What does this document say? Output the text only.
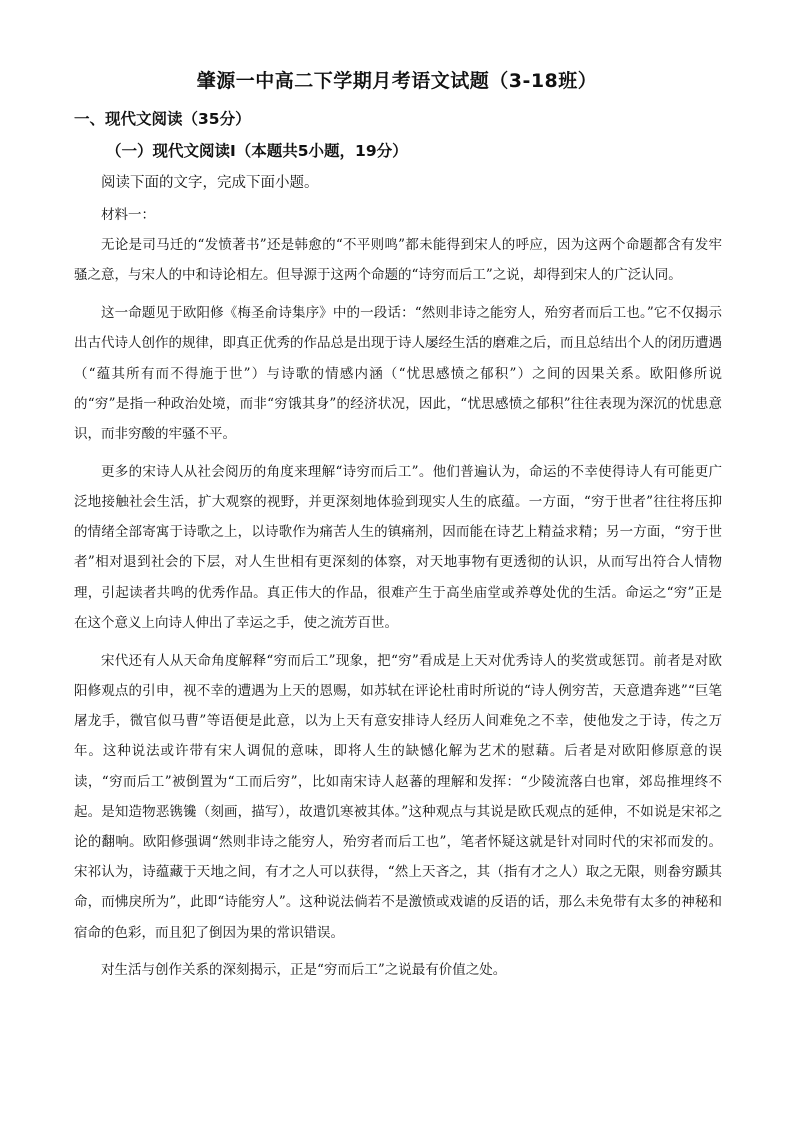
肇源一中高二下学期月考语文试题（3-18班）
一、现代文阅读（35分）
（一）现代文阅读Ⅰ（本题共5小题，19分）

阅读下面的文字，完成下面小题。

材料一：

无论是司马迁的“发愤著书”还是韩愈的“不平则鸣”都未能得到宋人的呼应，因为这两个命题都含有发牢骚之意，与宋人的中和诗论相左。但导源于这两个命题的“诗穷而后工”之说，却得到宋人的广泛认同。

这一命题见于欧阳修《梅圣俞诗集序》中的一段话：“然则非诗之能穷人，殆穷者而后工也。”它不仅揭示出古代诗人创作的规律，即真正优秀的作品总是出现于诗人屡经生活的磨难之后，而且总结出个人的闭历遭遇（“蕴其所有而不得施于世”）与诗歌的情感内涵（“忧思感愤之郁积”）之间的因果关系。欧阳修所说的“穷”是指一种政治处境，而非“穷饿其身”的经济状况，因此，“忧思感愤之郁积”往往表现为深沉的忧患意识，而非穷酸的牢骚不平。

更多的宋诗人从社会阅历的角度来理解“诗穷而后工”。他们普遍认为，命运的不幸使得诗人有可能更广泛地接触社会生活，扩大观察的视野，并更深刻地体验到现实人生的底蕴。一方面，“穷于世者”往往将压抑的情绪全部寄寓于诗歌之上，以诗歌作为痛苦人生的镇痛剂，因而能在诗艺上精益求精；另一方面，“穷于世者”相对退到社会的下层，对人生世相有更深刻的体察，对天地事物有更透彻的认识，从而写出符合人情物理，引起读者共鸣的优秀作品。真正伟大的作品，很难产生于高坐庙堂或养尊处优的生活。命运之“穷”正是在这个意义上向诗人伸出了幸运之手，使之流芳百世。

宋代还有人从天命角度解释“穷而后工”现象，把“穷”看成是上天对优秀诗人的奖赏或惩罚。前者是对欧阳修观点的引申，视不幸的遭遇为上天的恩赐，如苏轼在评论杜甫时所说的“诗人例穷苦，天意遣奔逃”“巨笔屠龙手，微官似马曹”等语便是此意，以为上天有意安排诗人经历人间难免之不幸，使他发之于诗，传之万年。这种说法或许带有宋人调侃的意味，即将人生的缺憾化解为艺术的慰藉。后者是对欧阳修原意的误读，“穷而后工”被倒置为“工而后穷”，比如南宋诗人赵蕃的理解和发挥：“少陵流落白也窜，郊岛推埋终不起。是知造物恶镌镵（刻画，描写），故遣饥寒被其体。”这种观点与其说是欧氏观点的延伸，不如说是宋祁之论的翻响。欧阳修强调“然则非诗之能穷人，殆穷者而后工也”，笔者怀疑这就是针对同时代的宋祁而发的。宋祁认为，诗蕴藏于天地之间，有才之人可以获得，“然上天吝之，其（指有才之人）取之无限，则畚穷踬其命，而怫戾所为”，此即“诗能穷人”。这种说法倘若不是激愤或戏谑的反语的话，那么未免带有太多的神秘和宿命的色彩，而且犯了倒因为果的常识错误。

对生活与创作关系的深刻揭示，正是“穷而后工”之说最有价值之处。
